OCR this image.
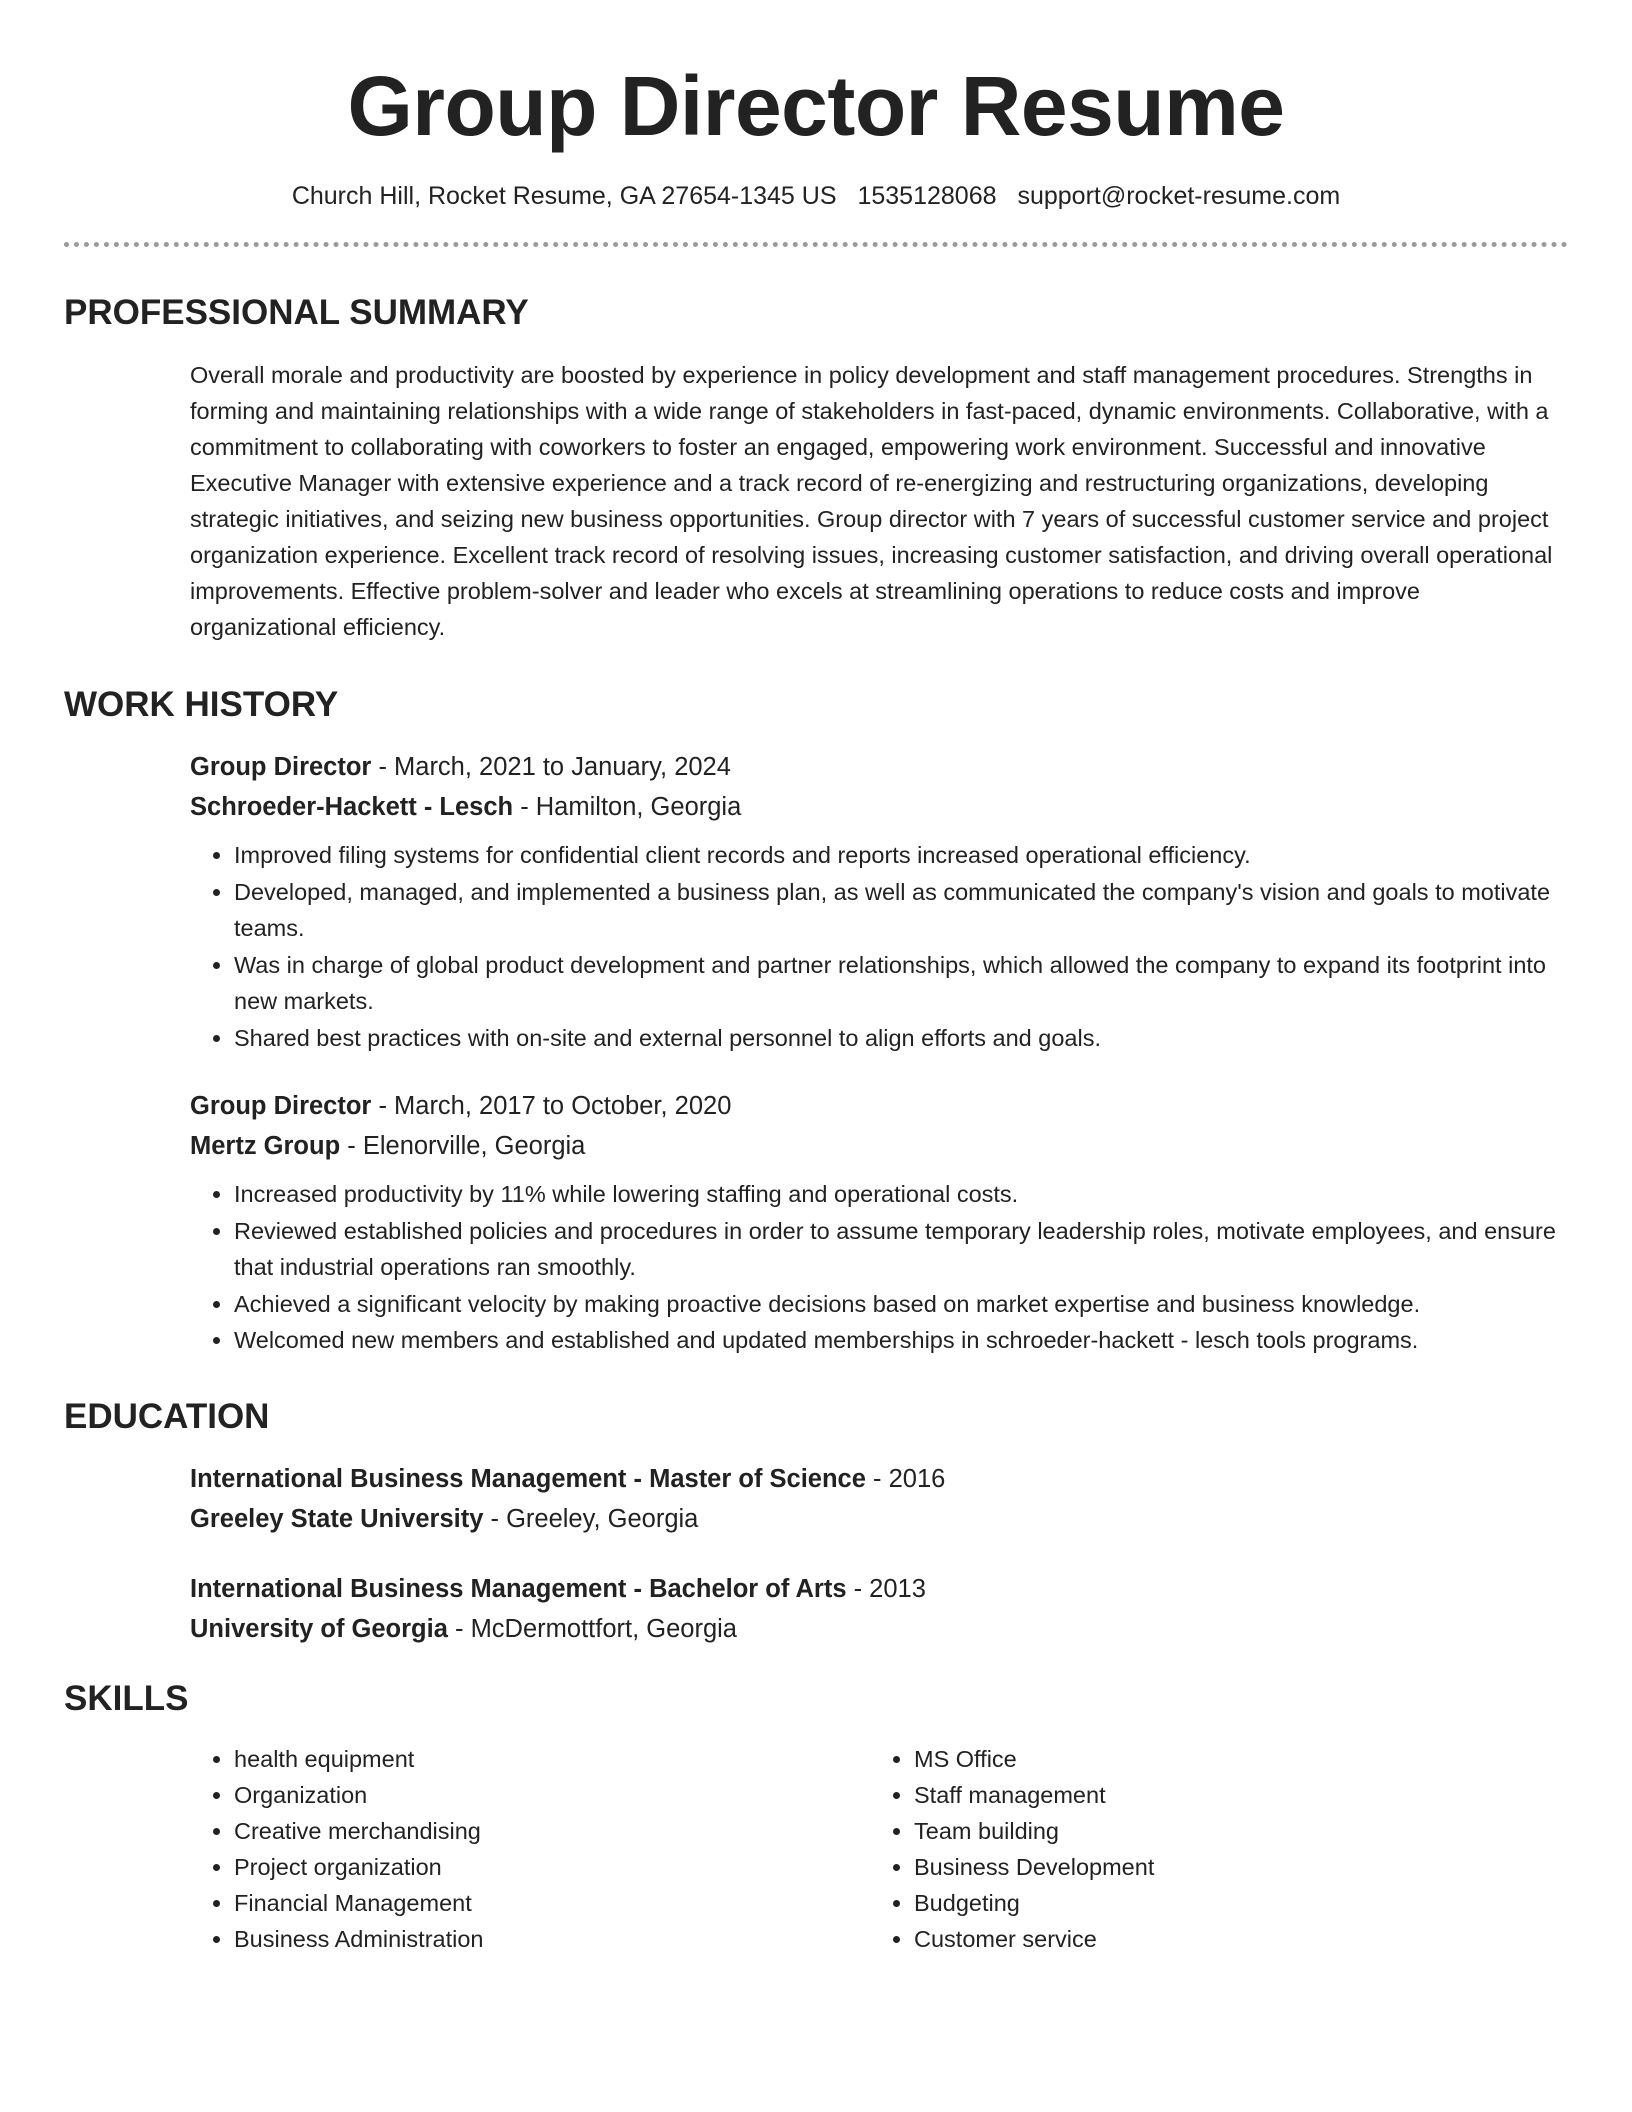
Group Director Resume
Church Hill, Rocket Resume, GA 27654-1345 US 1535128068 support@rocket-resume.com
PROFESSIONAL SUMMARY
Overall morale and productivity are boosted by experience in policy development and staff management procedures. Strengths in forming and maintaining relationships with a wide range of stakeholders in fast-paced, dynamic environments. Collaborative, with a commitment to collaborating with coworkers to foster an engaged, empowering work environment. Successful and innovative Executive Manager with extensive experience and a track record of re-energizing and restructuring organizations, developing strategic initiatives, and seizing new business opportunities. Group director with 7 years of successful customer service and project organization experience. Excellent track record of resolving issues, increasing customer satisfaction, and driving overall operational improvements. Effective problem-solver and leader who excels at streamlining operations to reduce costs and improve organizational efficiency.
WORK HISTORY
Group Director - March, 2021 to January, 2024
Schroeder-Hackett - Lesch - Hamilton, Georgia
• Improved filing systems for confidential client records and reports increased operational efficiency.
• Developed, managed, and implemented a business plan, as well as communicated the company's vision and goals to motivate teams.
• Was in charge of global product development and partner relationships, which allowed the company to expand its footprint into new markets.
• Shared best practices with on-site and external personnel to align efforts and goals.
Group Director - March, 2017 to October, 2020
Mertz Group - Elenorville, Georgia
• Increased productivity by 11% while lowering staffing and operational costs.
• Reviewed established policies and procedures in order to assume temporary leadership roles, motivate employees, and ensure that industrial operations ran smoothly.
• Achieved a significant velocity by making proactive decisions based on market expertise and business knowledge.
• Welcomed new members and established and updated memberships in schroeder-hackett - lesch tools programs.
EDUCATION
International Business Management - Master of Science - 2016
Greeley State University - Greeley, Georgia
International Business Management - Bachelor of Arts - 2013
University of Georgia - McDermottfort, Georgia
SKILLS
• health equipment
• Organization
• Creative merchandising
• Project organization
• Financial Management
• Business Administration
• MS Office
• Staff management
• Team building
• Business Development
• Budgeting
• Customer service
